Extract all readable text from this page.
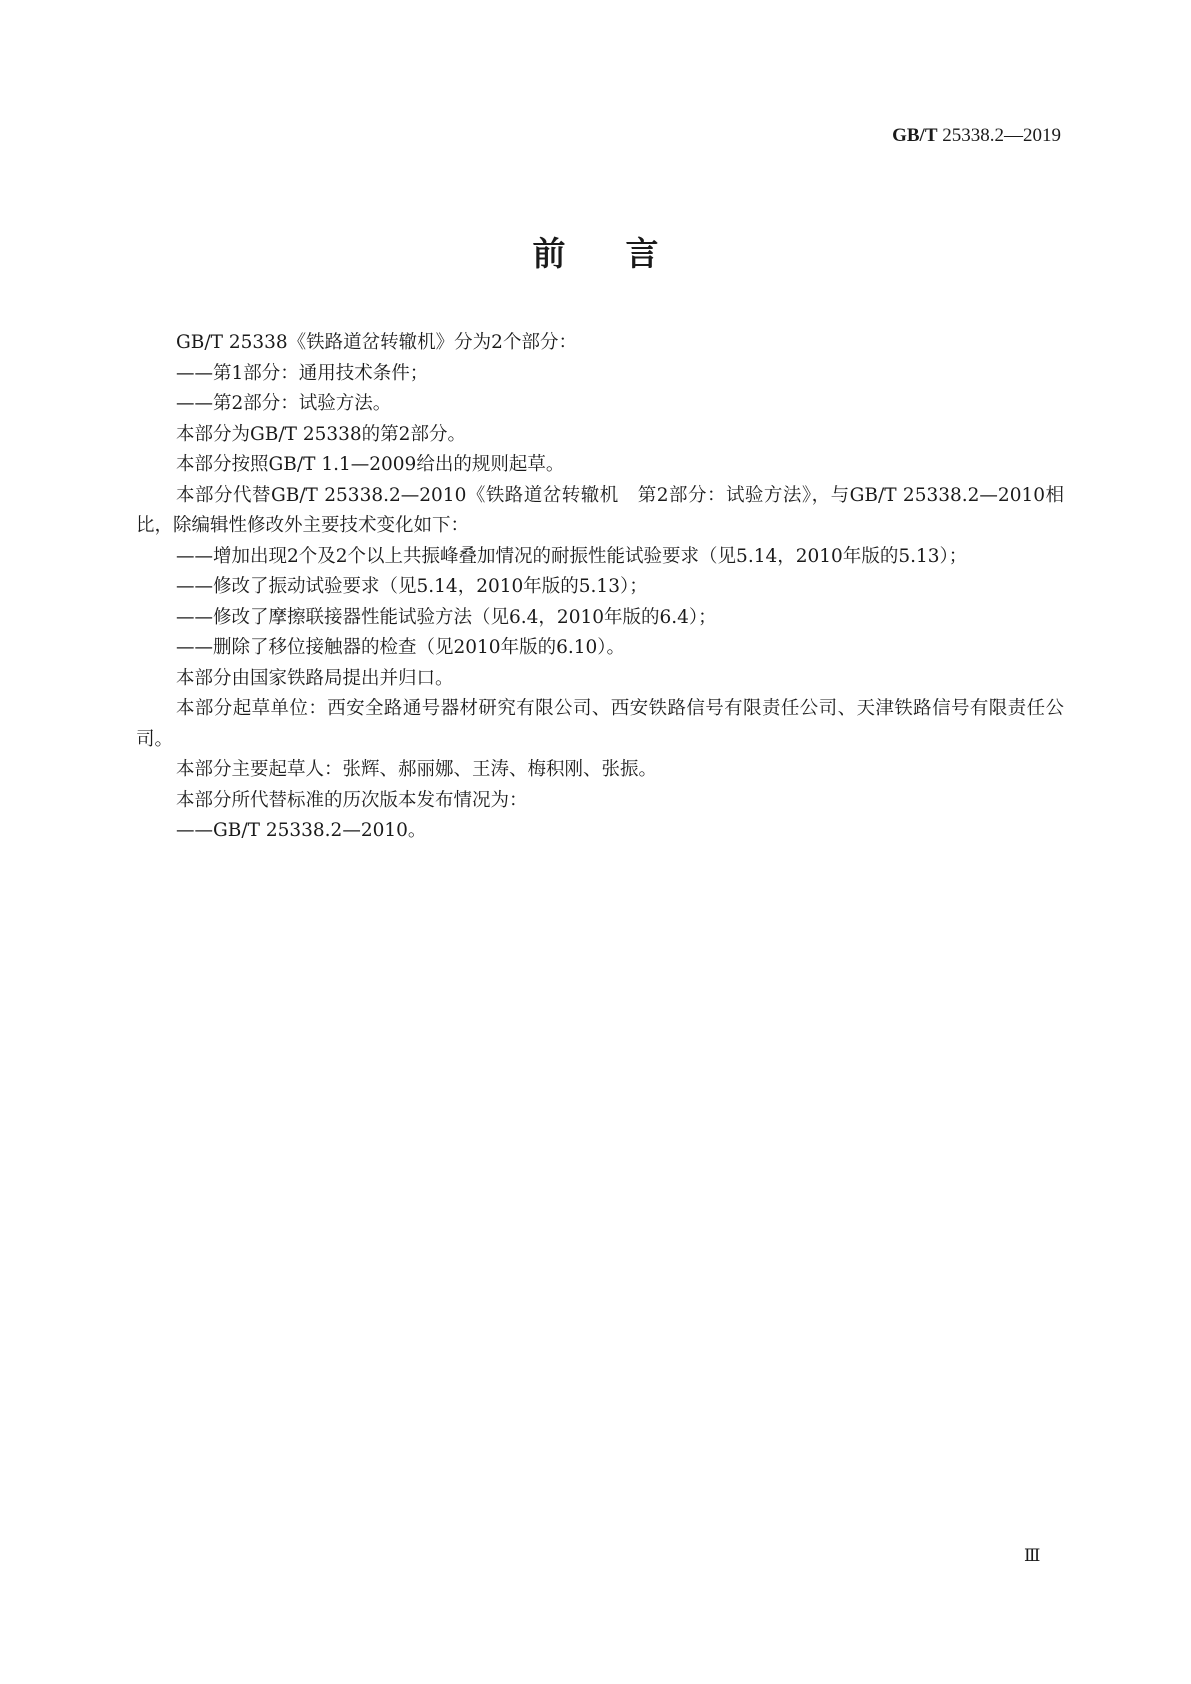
GB/T 25338.2—2019
前言

GB/T 25338《铁路道岔转辙机》分为2个部分：

——第1部分：通用技术条件；

——第2部分：试验方法。

本部分为GB/T 25338的第2部分。

本部分按照GB/T 1.1—2009给出的规则起草。

本部分代替GB/T 25338.2—2010《铁路道岔转辙机　第2部分：试验方法》，与GB/T 25338.2—2010相比，除编辑性修改外主要技术变化如下：

——增加出现2个及2个以上共振峰叠加情况的耐振性能试验要求（见5.14，2010年版的5.13）；

——修改了振动试验要求（见5.14，2010年版的5.13）；

——修改了摩擦联接器性能试验方法（见6.4，2010年版的6.4）；

——删除了移位接触器的检查（见2010年版的6.10）。

本部分由国家铁路局提出并归口。

本部分起草单位：西安全路通号器材研究有限公司、西安铁路信号有限责任公司、天津铁路信号有限责任公司。

本部分主要起草人：张辉、郝丽娜、王涛、梅积刚、张振。

本部分所代替标准的历次版本发布情况为：

——GB/T 25338.2—2010。

Ⅲ
